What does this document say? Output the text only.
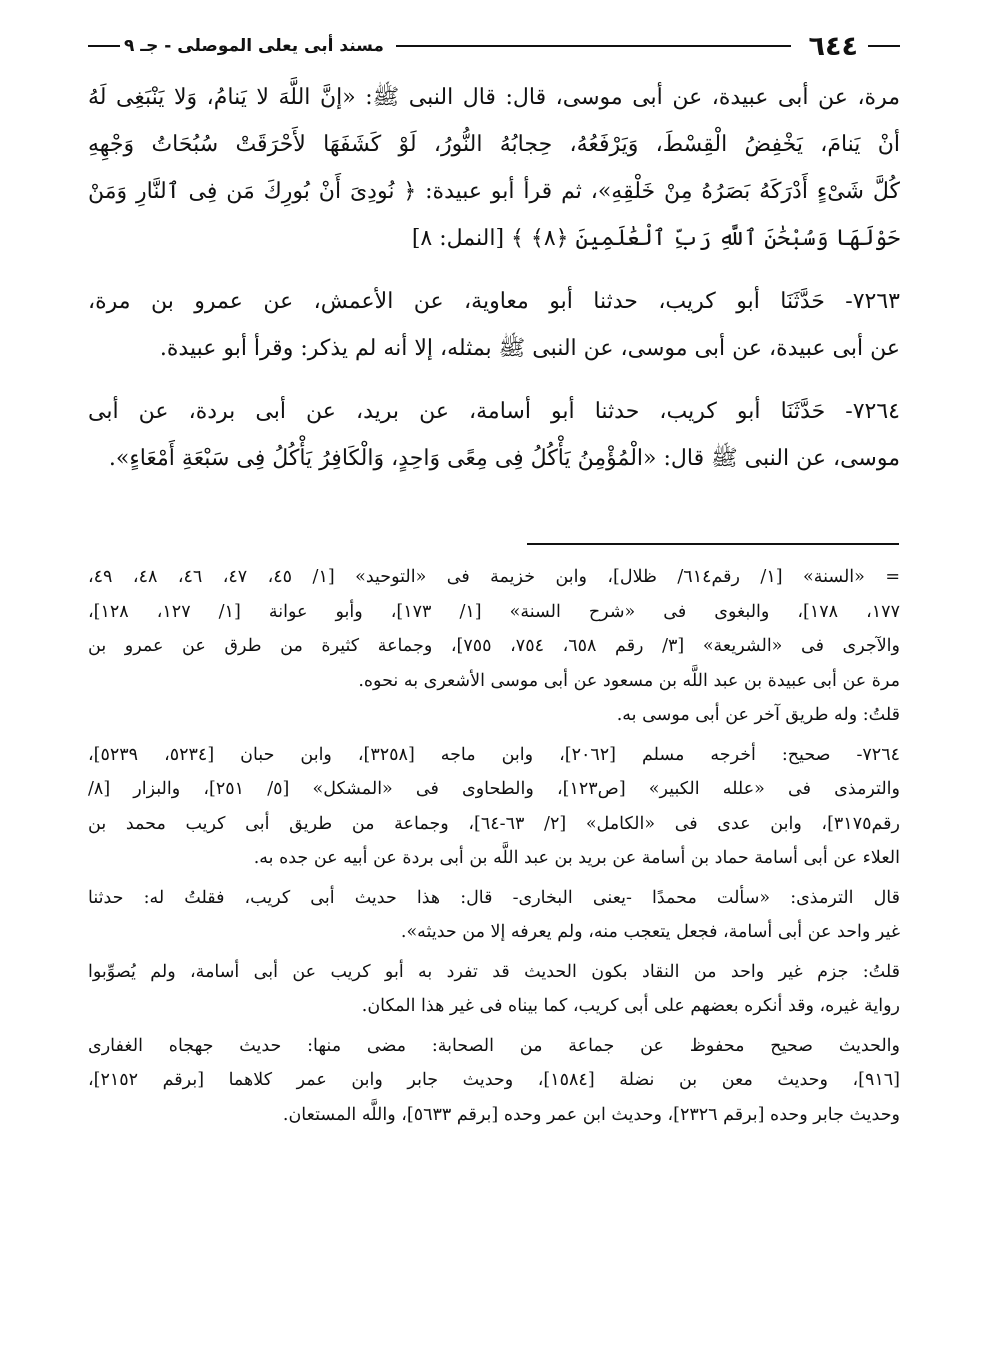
٦٤٤
مسند أبى يعلى الموصلى - جـ ٩
مرة، عن أبى عبيدة، عن أبى موسى، قال: قال النبى ﷺ: «إنَّ اللَّهَ لا يَنامُ، وَلا يَنْبَغِى لَهُ
أنْ يَنامَ، يَخْفِضُ الْقِسْطَ، وَيَرْفَعُهُ، حِجابُهُ النُّورُ، لَوْ كَشَفَهَا لأَحْرَقَتْ سُبُحَاتُ وَجْهِهِ
كُلَّ شَىْءٍ أَدْرَكَهُ بَصَرُهُ مِنْ خَلْقِهِ»، ثم قرأ أبو عبيدة: ﴿ نُودِىَ أَنْ بُورِكَ مَن فِى ٱلنَّارِ وَمَنْ
حَوْلَهَا وَسُبْحَٰنَ ٱللَّهِ رَبِّ ٱلْعَٰلَمِينَ ﴿٨﴾ ﴾ [النمل: ٨]
٧٢٦٣- حَدَّثَنَا أبو كريب، حدثنا أبو معاوية، عن الأعمش، عن عمرو بن مرة،
عن أبى عبيدة، عن أبى موسى، عن النبى ﷺ بمثله، إلا أنه لم يذكر: وقرأ أبو عبيدة.
٧٢٦٤- حَدَّثَنَا أبو كريب، حدثنا أبو أسامة، عن بريد، عن أبى بردة، عن أبى
موسى، عن النبى ﷺ قال: «الْمُؤْمِنُ يَأْكُلُ فِى مِعًى وَاحِدٍ، وَالْكَافِرُ يَأْكُلُ فِى سَبْعَةِ أَمْعَاءٍ».
= «السنة» [١/ رقم٦١٤/ ظلال]، وابن خزيمة فى «التوحيد» [١/ ٤٥، ٤٧، ٤٦، ٤٨، ٤٩،
١٧٧، ١٧٨]، والبغوى فى «شرح السنة» [١/ ١٧٣]، وأبو عوانة [١/ ١٢٧، ١٢٨]،
والآجرى فى «الشريعة» [٣/ رقم ٦٥٨، ٧٥٤، ٧٥٥]، وجماعة كثيرة من طرق عن عمرو بن
مرة عن أبى عبيدة بن عبد اللَّه بن مسعود عن أبى موسى الأشعرى به نحوه.
قلتُ: وله طريق آخر عن أبى موسى به.
٧٢٦٤- صحيح: أخرجه مسلم [٢٠٦٢]، وابن ماجه [٣٢٥٨]، وابن حبان [٥٢٣٤، ٥٢٣٩]،
والترمذى فى «علله الكبير» [ص١٢٣]، والطحاوى فى «المشكل» [٥/ ٢٥١]، والبزار [٨/
رقم٣١٧٥]، وابن عدى فى «الكامل» [٢/ ٦٣-٦٤]، وجماعة من طريق أبى كريب محمد بن
العلاء عن أبى أسامة حماد بن أسامة عن بريد بن عبد اللَّه بن أبى بردة عن أبيه عن جده به.
قال الترمذى: «سألت محمدًا -يعنى البخارى- قال: هذا حديث أبى كريب، فقلتُ له: حدثنا
غير واحد عن أبى أسامة، فجعل يتعجب منه، ولم يعرفه إلا من حديثه».
قلتُ: جزم غير واحد من النقاد بكون الحديث قد تفرد به أبو كريب عن أبى أسامة، ولم يُصوِّبوا
رواية غيره، وقد أنكره بعضهم على أبى كريب، كما بيناه فى غير هذا المكان.
والحديث صحيح محفوظ عن جماعة من الصحابة: مضى منها: حديث جهجاه الغفارى
[٩١٦]، وحديث معن بن نضلة [١٥٨٤]، وحديث جابر وابن عمر كلاهما [برقم ٢١٥٢]،
وحديث جابر وحده [برقم ٢٣٢٦]، وحديث ابن عمر وحده [برقم ٥٦٣٣]، واللَّه المستعان.
